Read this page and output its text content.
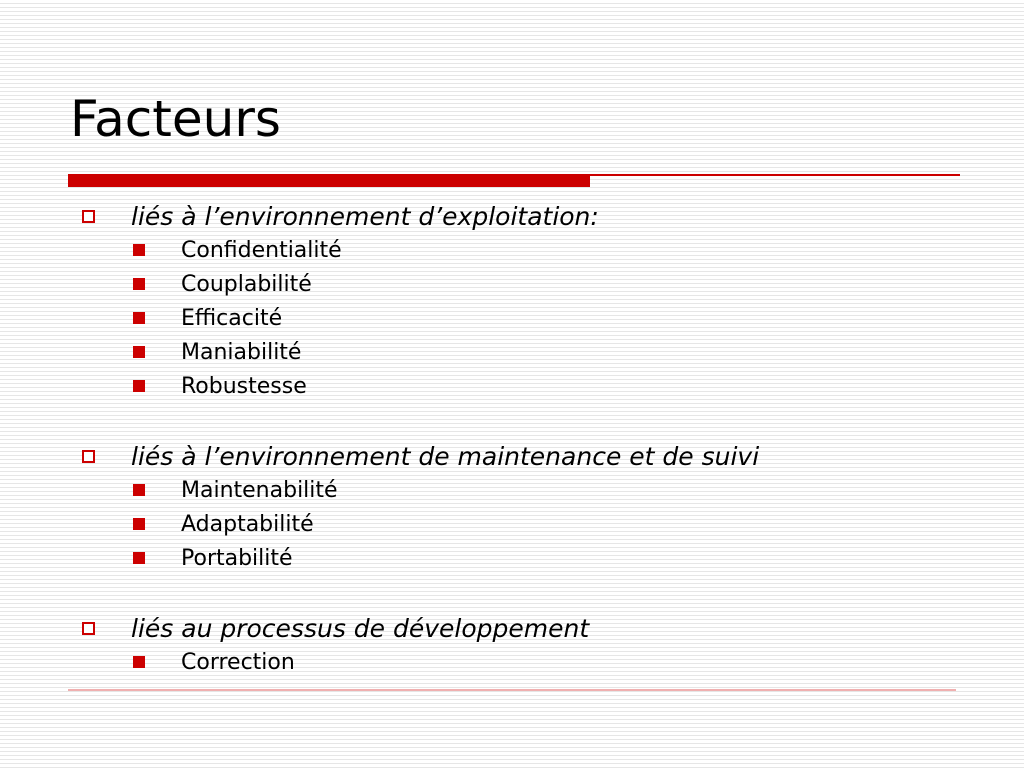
Facteurs
liés à l’environnement d’exploitation:
Confidentialité
Couplabilité
Efficacité
Maniabilité
Robustesse
liés à l’environnement de maintenance et de suivi
Maintenabilité
Adaptabilité
Portabilité
liés au processus de développement
Correction
